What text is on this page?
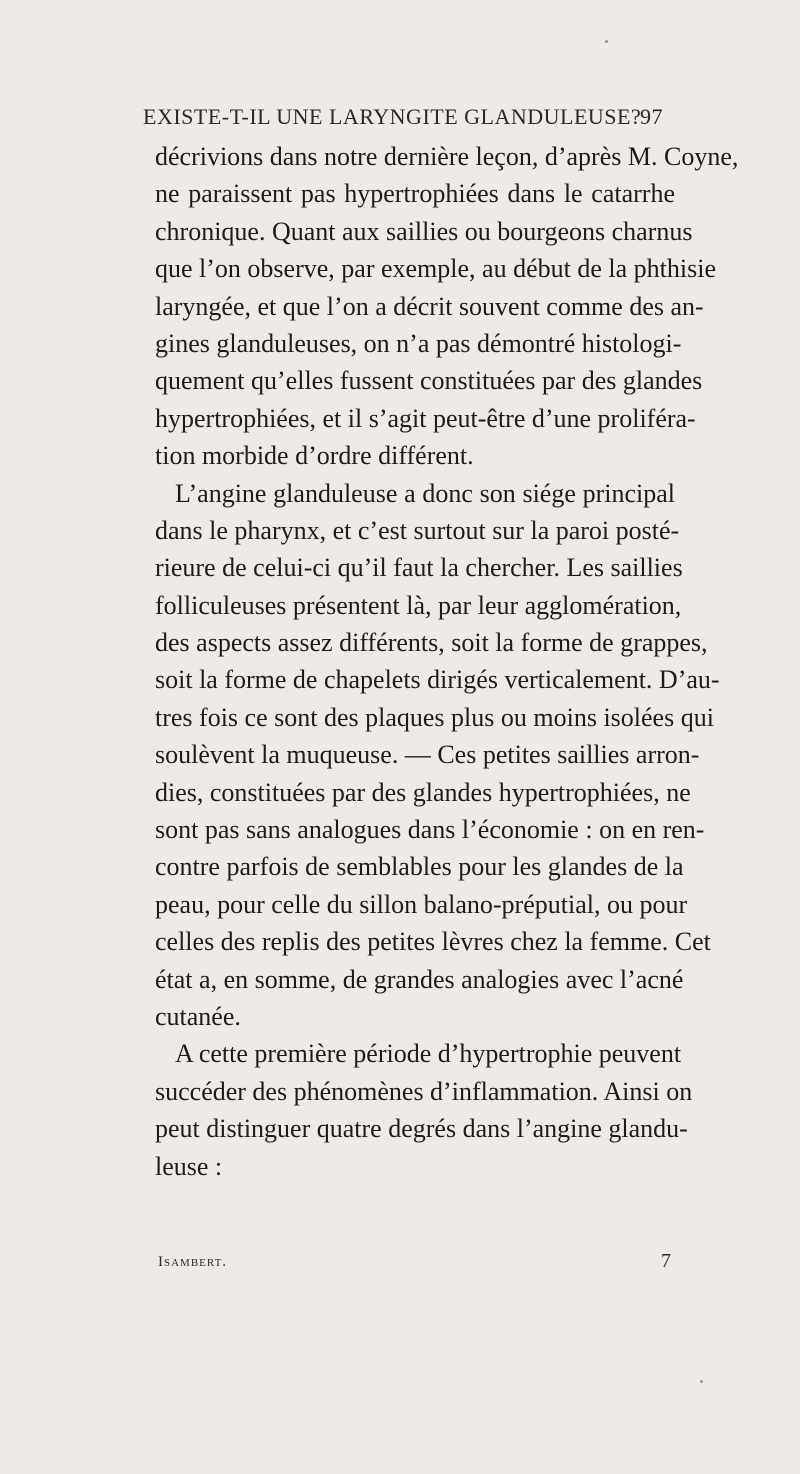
EXISTE-T-IL UNE LARYNGITE GLANDULEUSE?
97
décrivions dans notre dernière leçon, d’après M. Coyne,
ne paraissent pas hypertrophiées dans le catarrhe
chronique. Quant aux saillies ou bourgeons charnus
que l’on observe, par exemple, au début de la phthisie
laryngée, et que l’on a décrit souvent comme des an-
gines glanduleuses, on n’a pas démontré histologi-
quement qu’elles fussent constituées par des glandes
hypertrophiées, et il s’agit peut-être d’une proliféra-
tion morbide d’ordre différent.
L’angine glanduleuse a donc son siége principal
dans le pharynx, et c’est surtout sur la paroi posté-
rieure de celui-ci qu’il faut la chercher. Les saillies
folliculeuses présentent là, par leur agglomération,
des aspects assez différents, soit la forme de grappes,
soit la forme de chapelets dirigés verticalement. D’au-
tres fois ce sont des plaques plus ou moins isolées qui
soulèvent la muqueuse. — Ces petites saillies arron-
dies, constituées par des glandes hypertrophiées, ne
sont pas sans analogues dans l’économie : on en ren-
contre parfois de semblables pour les glandes de la
peau, pour celle du sillon balano-préputial, ou pour
celles des replis des petites lèvres chez la femme. Cet
état a, en somme, de grandes analogies avec l’acné
cutanée.
A cette première période d’hypertrophie peuvent
succéder des phénomènes d’inflammation. Ainsi on
peut distinguer quatre degrés dans l’angine glandu-
leuse :
Isambert.	7
